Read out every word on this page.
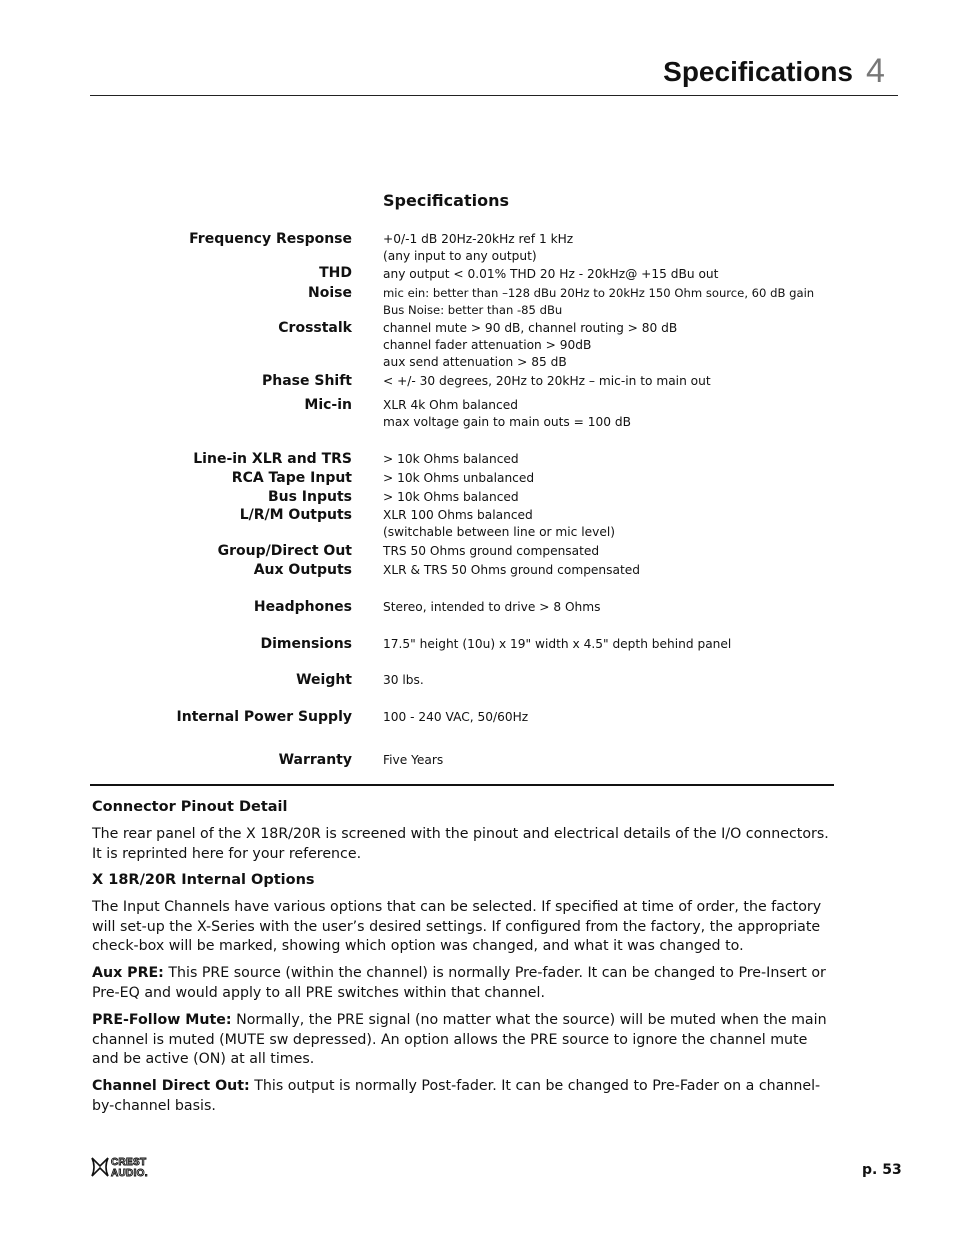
Specifications 4
Specifications
Frequency Response	+0/-1 dB 20Hz-20kHz ref 1 kHz
(any input to any output)
THD	any output < 0.01% THD 20 Hz - 20kHz@ +15 dBu out
Noise	mic ein: better than –128 dBu 20Hz to 20kHz 150 Ohm source, 60 dB gain
Bus Noise: better than -85 dBu
Crosstalk	channel mute > 90 dB, channel routing > 80 dB
channel fader attenuation > 90dB
aux send attenuation > 85 dB
Phase Shift	< +/- 30 degrees, 20Hz to 20kHz – mic-in to main out
Mic-in	XLR 4k Ohm balanced
max voltage gain to main outs = 100 dB
Line-in XLR and TRS	> 10k Ohms balanced
RCA Tape Input	> 10k Ohms unbalanced
Bus Inputs	> 10k Ohms balanced
L/R/M Outputs	XLR 100 Ohms balanced
(switchable between line or mic level)
Group/Direct Out	TRS 50 Ohms ground compensated
Aux Outputs	XLR & TRS 50 Ohms ground compensated
Headphones	Stereo, intended to drive > 8 Ohms
Dimensions	17.5" height (10u) x 19" width x 4.5" depth behind panel
Weight	30 lbs.
Internal Power Supply	100 - 240 VAC, 50/60Hz
Warranty	Five Years
Connector Pinout Detail
The rear panel of the X 18R/20R is screened with the pinout and electrical details of the I/O connectors. It is reprinted here for your reference.
X 18R/20R Internal Options
The Input Channels have various options that can be selected. If specified at time of order, the factory will set-up the X-Series with the user’s desired settings. If configured from the factory, the appropriate check-box will be marked, showing which option was changed, and what it was changed to.
Aux PRE: This PRE source (within the channel) is normally Pre-fader. It can be changed to Pre-Insert or Pre-EQ and would apply to all PRE switches within that channel.
PRE-Follow Mute: Normally, the PRE signal (no matter what the source) will be muted when the main channel is muted (MUTE sw depressed). An option allows the PRE source to ignore the channel mute and be active (ON) at all times.
Channel Direct Out: This output is normally Post-fader. It can be changed to Pre-Fader on a channel-by-channel basis.
CREST
AUDIO.	p. 53
